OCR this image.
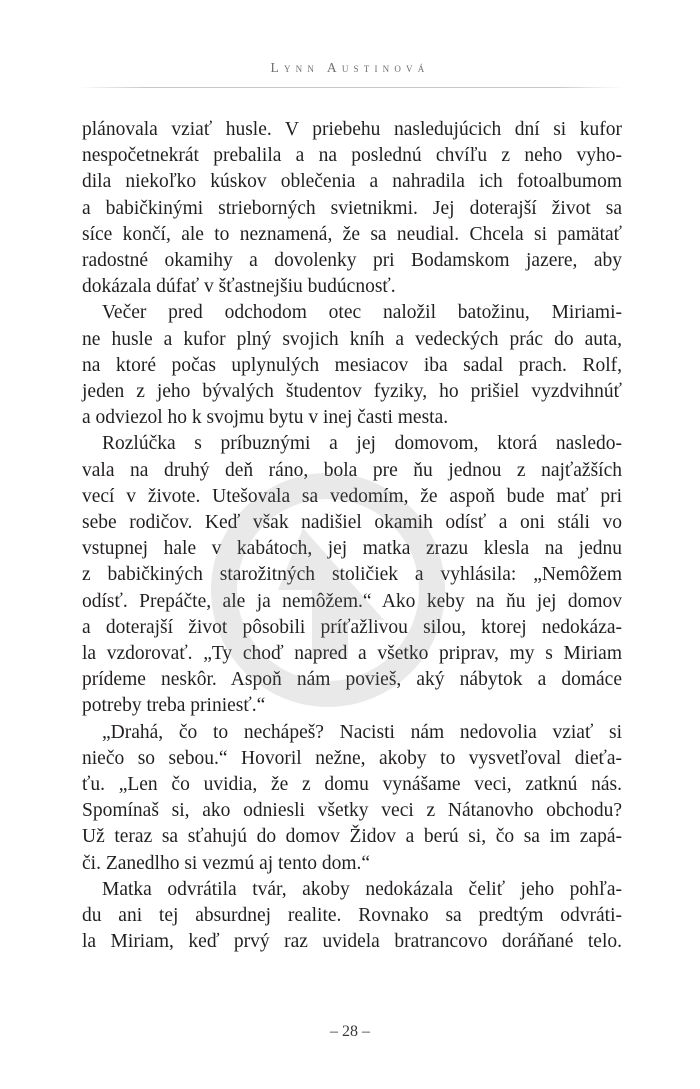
Lynn Austinová

plánovala vziať husle. V priebehu nasledujúcich dní si kufor
nespočetnekrát prebalila a na poslednú chvíľu z neho vyho-
dila niekoľko kúskov oblečenia a nahradila ich fotoalbumom
a babičkinými strieborných svietnikmi. Jej doterajší život sa
síce končí, ale to neznamená, že sa neudial. Chcela si pamätať
radostné okamihy a dovolenky pri Bodamskom jazere, aby
dokázala dúfať v šťastnejšiu budúcnosť.

Večer pred odchodom otec naložil batožinu, Miriami-
ne husle a kufor plný svojich kníh a vedeckých prác do auta,
na ktoré počas uplynulých mesiacov iba sadal prach. Rolf,
jeden z jeho bývalých študentov fyziky, ho prišiel vyzdvihnúť
a odviezol ho k svojmu bytu v inej časti mesta.

Rozlúčka s príbuznými a jej domovom, ktorá nasledo-
vala na druhý deň ráno, bola pre ňu jednou z najťažších
vecí v živote. Utešovala sa vedomím, že aspoň bude mať pri
sebe rodičov. Keď však nadišiel okamih odísť a oni stáli vo
vstupnej hale v kabátoch, jej matka zrazu klesla na jednu
z babičkiných starožitných stoličiek a vyhlásila: „Nemôžem
odísť. Prepáčte, ale ja nemôžem.“ Ako keby na ňu jej domov
a doterajší život pôsobili príťažlivou silou, ktorej nedokáza-
la vzdorovať. „Ty choď napred a všetko priprav, my s Miriam
prídeme neskôr. Aspoň nám povieš, aký nábytok a domáce
potreby treba priniesť.“

„Drahá, čo to nechápeš? Nacisti nám nedovolia vziať si
niečo so sebou.“ Hovoril nežne, akoby to vysvetľoval dieťa-
ťu. „Len čo uvidia, že z domu vynášame veci, zatknú nás.
Spomínaš si, ako odniesli všetky veci z Nátanovho obchodu?
Už teraz sa sťahujú do domov Židov a berú si, čo sa im zapá-
či. Zanedlho si vezmú aj tento dom.“

Matka odvrátila tvár, akoby nedokázala čeliť jeho pohľa-
du ani tej absurdnej realite. Rovnako sa predtým odvráti-
la Miriam, keď prvý raz uvidela bratrancovo doráňané telo.

– 28 –
